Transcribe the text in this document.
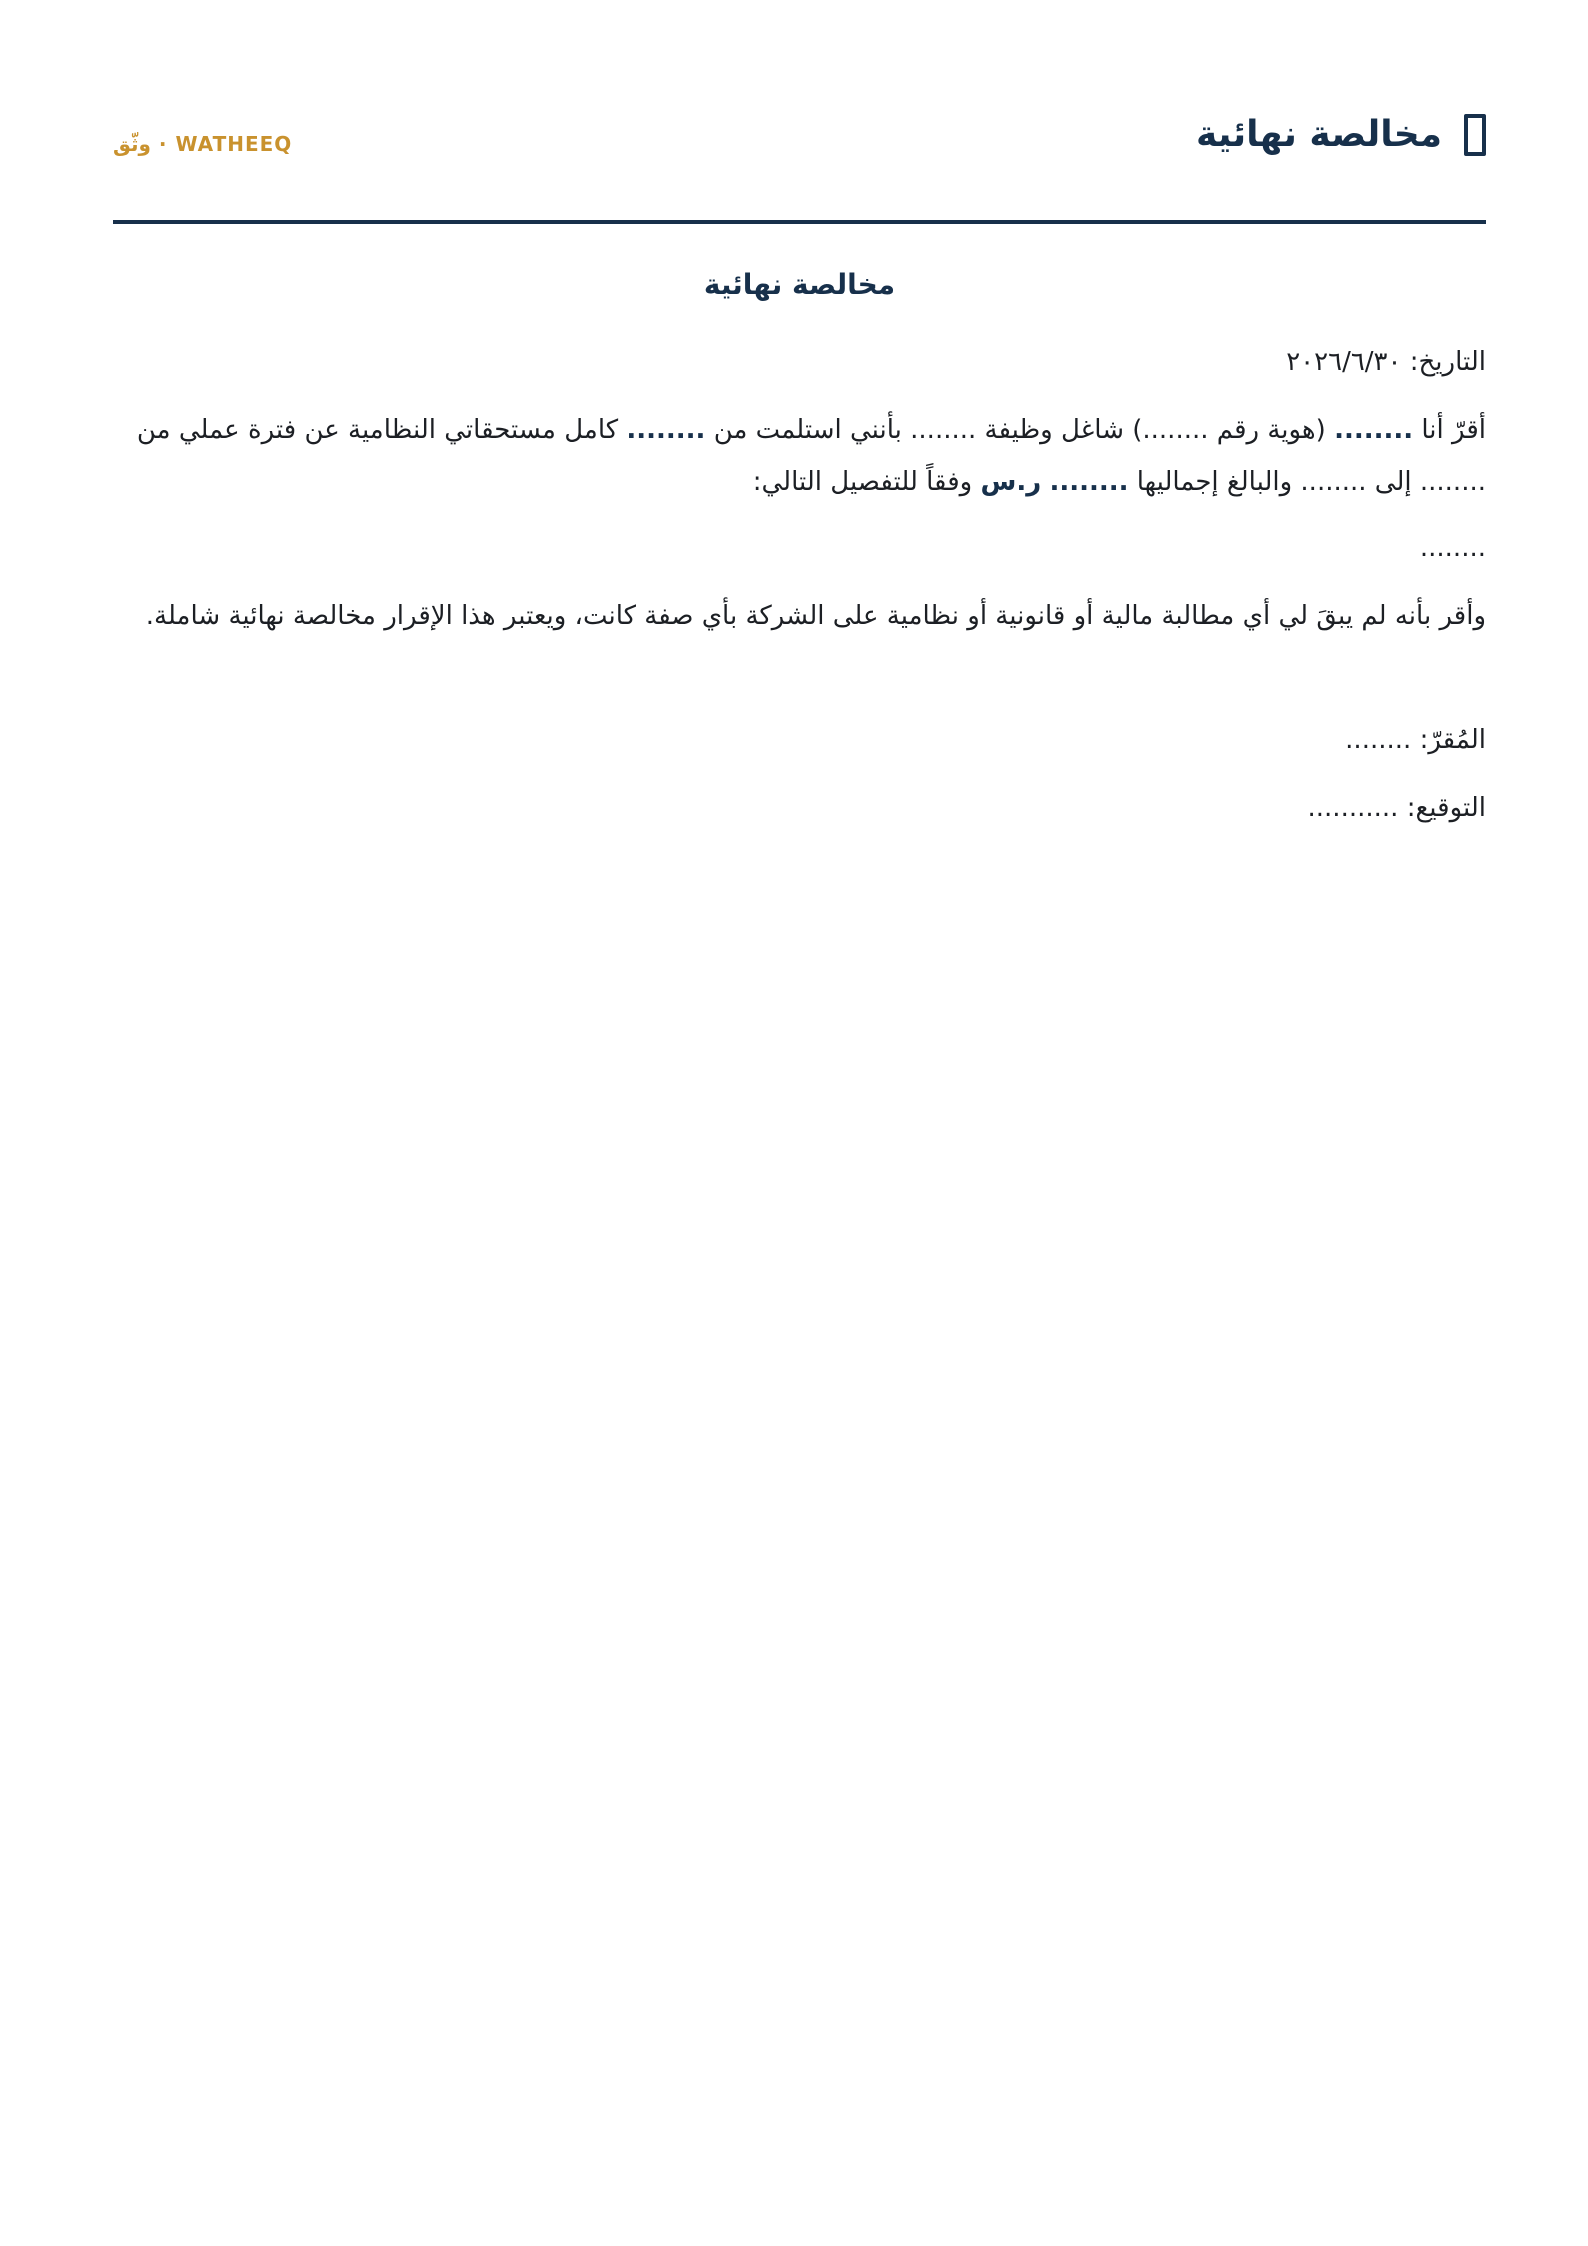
مخالصة نهائية
WATHEEQ · وثّق
مخالصة نهائية
التاريخ: ٢٠٢٦/٦/٣٠
أقرّ أنا ........ (هوية رقم ........) شاغل وظيفة ........ بأنني استلمت من ........ كامل مستحقاتي النظامية عن فترة عملي من ........ إلى ........ والبالغ إجماليها ........ ر.س وفقاً للتفصيل التالي:
........
وأقر بأنه لم يبقَ لي أي مطالبة مالية أو قانونية أو نظامية على الشركة بأي صفة كانت، ويعتبر هذا الإقرار مخالصة نهائية شاملة.
المُقرّ: ........
التوقيع: ...........
